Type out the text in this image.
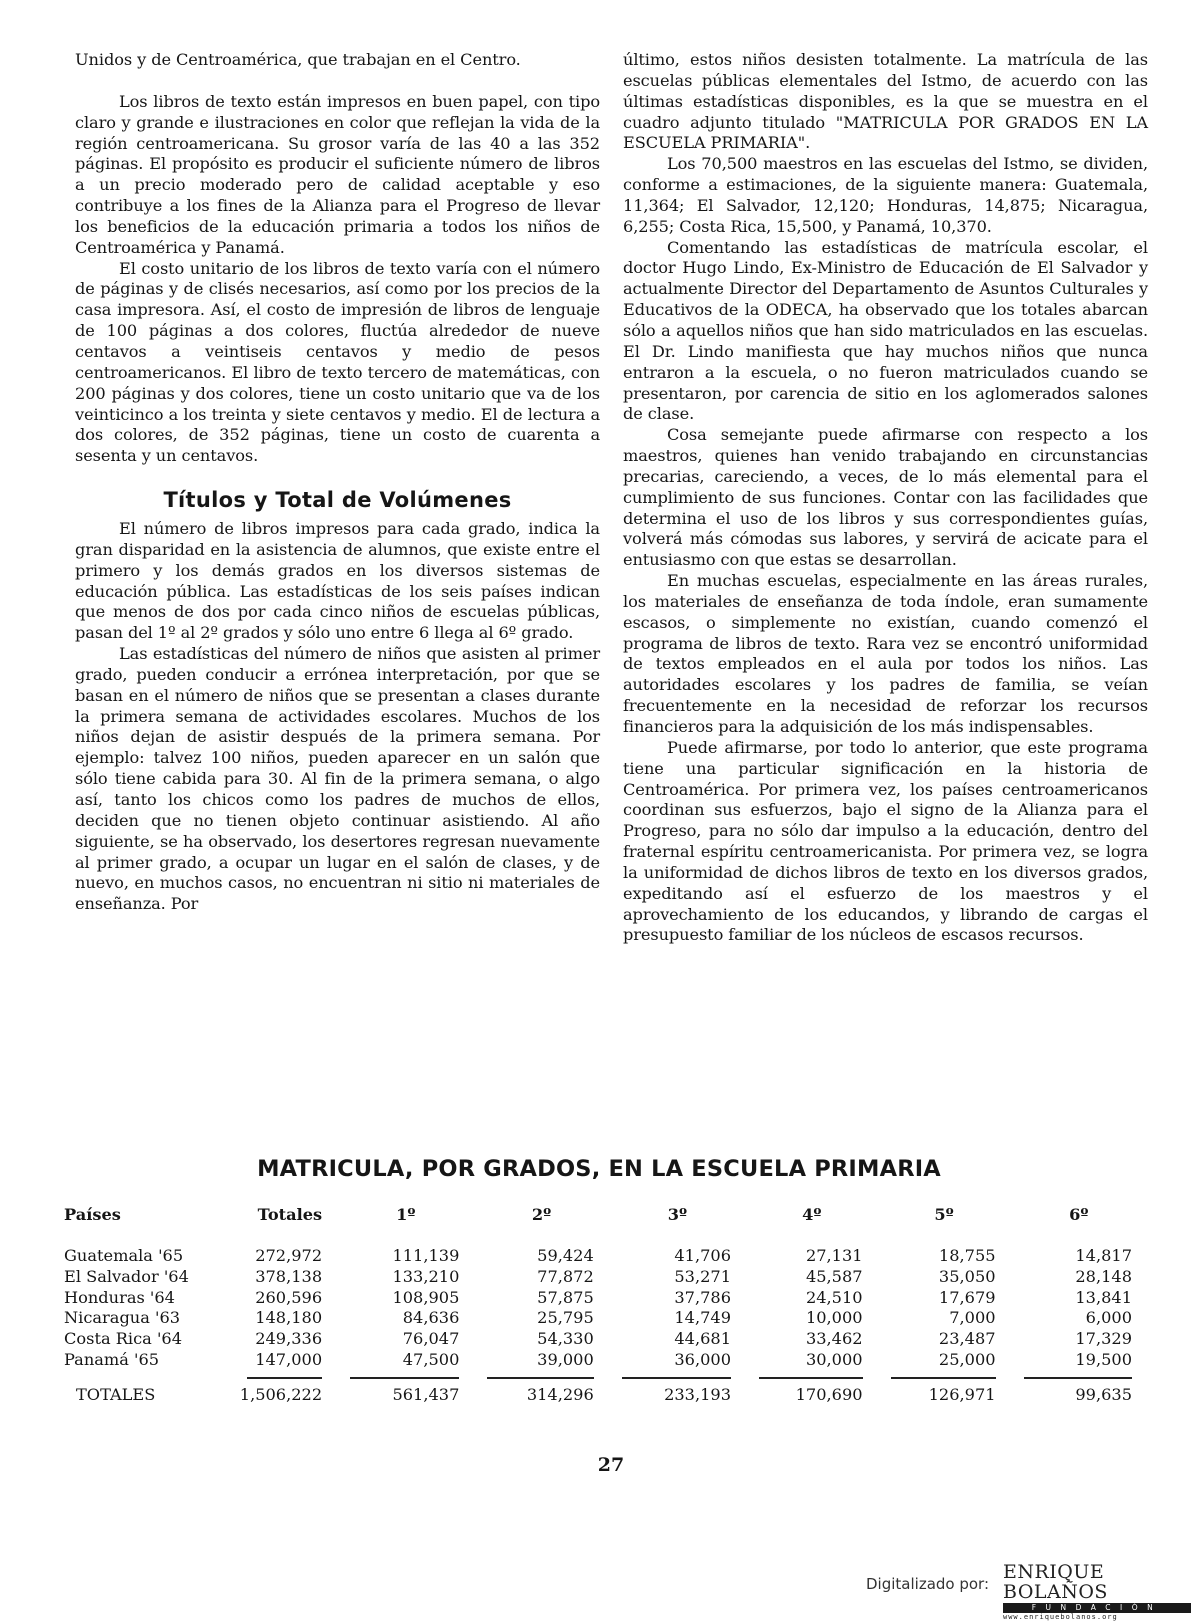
Unidos y de Centroamérica, que trabajan en el Centro.

Los libros de texto están impresos en buen papel, con tipo claro y grande e ilustraciones en color que reflejan la vida de la región centroamericana. Su grosor varía de las 40 a las 352 páginas. El propósito es producir el suficiente número de libros a un precio moderado pero de calidad aceptable y eso contribuye a los fines de la Alianza para el Progreso de llevar los beneficios de la educación primaria a todos los niños de Centroamérica y Panamá.

El costo unitario de los libros de texto varía con el número de páginas y de clisés necesarios, así como por los precios de la casa impresora. Así, el costo de impresión de libros de lenguaje de 100 páginas a dos colores, fluctúa alrededor de nueve centavos a veintiseis centavos y medio de pesos centroamericanos. El libro de texto tercero de matemáticas, con 200 páginas y dos colores, tiene un costo unitario que va de los veinticinco a los treinta y siete centavos y medio. El de lectura a dos colores, de 352 páginas, tiene un costo de cuarenta a sesenta y un centavos.

Títulos y Total de Volúmenes

El número de libros impresos para cada grado, indica la gran disparidad en la asistencia de alumnos, que existe entre el primero y los demás grados en los diversos sistemas de educación pública. Las estadísticas de los seis países indican que menos de dos por cada cinco niños de escuelas públicas, pasan del 1º al 2º grados y sólo uno entre 6 llega al 6º grado.

Las estadísticas del número de niños que asisten al primer grado, pueden conducir a errónea interpretación, por que se basan en el número de niños que se presentan a clases durante la primera semana de actividades escolares. Muchos de los niños dejan de asistir después de la primera semana. Por ejemplo: talvez 100 niños, pueden aparecer en un salón que sólo tiene cabida para 30. Al fin de la primera semana, o algo así, tanto los chicos como los padres de muchos de ellos, deciden que no tienen objeto continuar asistiendo. Al año siguiente, se ha observado, los desertores regresan nuevamente al primer grado, a ocupar un lugar en el salón de clases, y de nuevo, en muchos casos, no encuentran ni sitio ni materiales de enseñanza. Por

último, estos niños desisten totalmente. La matrícula de las escuelas públicas elementales del Istmo, de acuerdo con las últimas estadísticas disponibles, es la que se muestra en el cuadro adjunto titulado "MATRICULA POR GRADOS EN LA ESCUELA PRIMARIA".

Los 70,500 maestros en las escuelas del Istmo, se dividen, conforme a estimaciones, de la siguiente manera: Guatemala, 11,364; El Salvador, 12,120; Honduras, 14,875; Nicaragua, 6,255; Costa Rica, 15,500, y Panamá, 10,370.

Comentando las estadísticas de matrícula escolar, el doctor Hugo Lindo, Ex-Ministro de Educación de El Salvador y actualmente Director del Departamento de Asuntos Culturales y Educativos de la ODECA, ha observado que los totales abarcan sólo a aquellos niños que han sido matriculados en las escuelas. El Dr. Lindo manifiesta que hay muchos niños que nunca entraron a la escuela, o no fueron matriculados cuando se presentaron, por carencia de sitio en los aglomerados salones de clase.

Cosa semejante puede afirmarse con respecto a los maestros, quienes han venido trabajando en circunstancias precarias, careciendo, a veces, de lo más elemental para el cumplimiento de sus funciones. Contar con las facilidades que determina el uso de los libros y sus correspondientes guías, volverá más cómodas sus labores, y servirá de acicate para el entusiasmo con que estas se desarrollan.

En muchas escuelas, especialmente en las áreas rurales, los materiales de enseñanza de toda índole, eran sumamente escasos, o simplemente no existían, cuando comenzó el programa de libros de texto. Rara vez se encontró uniformidad de textos empleados en el aula por todos los niños. Las autoridades escolares y los padres de familia, se veían frecuentemente en la necesidad de reforzar los recursos financieros para la adquisición de los más indispensables.

Puede afirmarse, por todo lo anterior, que este programa tiene una particular significación en la historia de Centroamérica. Por primera vez, los países centroamericanos coordinan sus esfuerzos, bajo el signo de la Alianza para el Progreso, para no sólo dar impulso a la educación, dentro del fraternal espíritu centroamericanista. Por primera vez, se logra la uniformidad de dichos libros de texto en los diversos grados, expeditando así el esfuerzo de los maestros y el aprovechamiento de los educandos, y librando de cargas el presupuesto familiar de los núcleos de escasos recursos.

MATRICULA, POR GRADOS, EN LA ESCUELA PRIMARIA
Países	Totales	1º	2º	3º	4º	5º	6º

Guatemala '65	272,972	111,139	59,424	41,706	27,131	18,755	14,817
El Salvador '64	378,138	133,210	77,872	53,271	45,587	35,050	28,148
Honduras '64	260,596	108,905	57,875	37,786	24,510	17,679	13,841
Nicaragua '63	148,180	84,636	25,795	14,749	10,000	7,000	6,000
Costa Rica '64	249,336	76,047	54,330	44,681	33,462	23,487	17,329
Panamá '65	147,000	47,500	39,000	36,000	30,000	25,000	19,500

TOTALES	1,506,222	561,437	314,296	233,193	170,690	126,971	99,635
27
Digitalizado por:
ENRIQUE BOLAÑOS
FUNDACIÓN
www.enriquebolanos.org
